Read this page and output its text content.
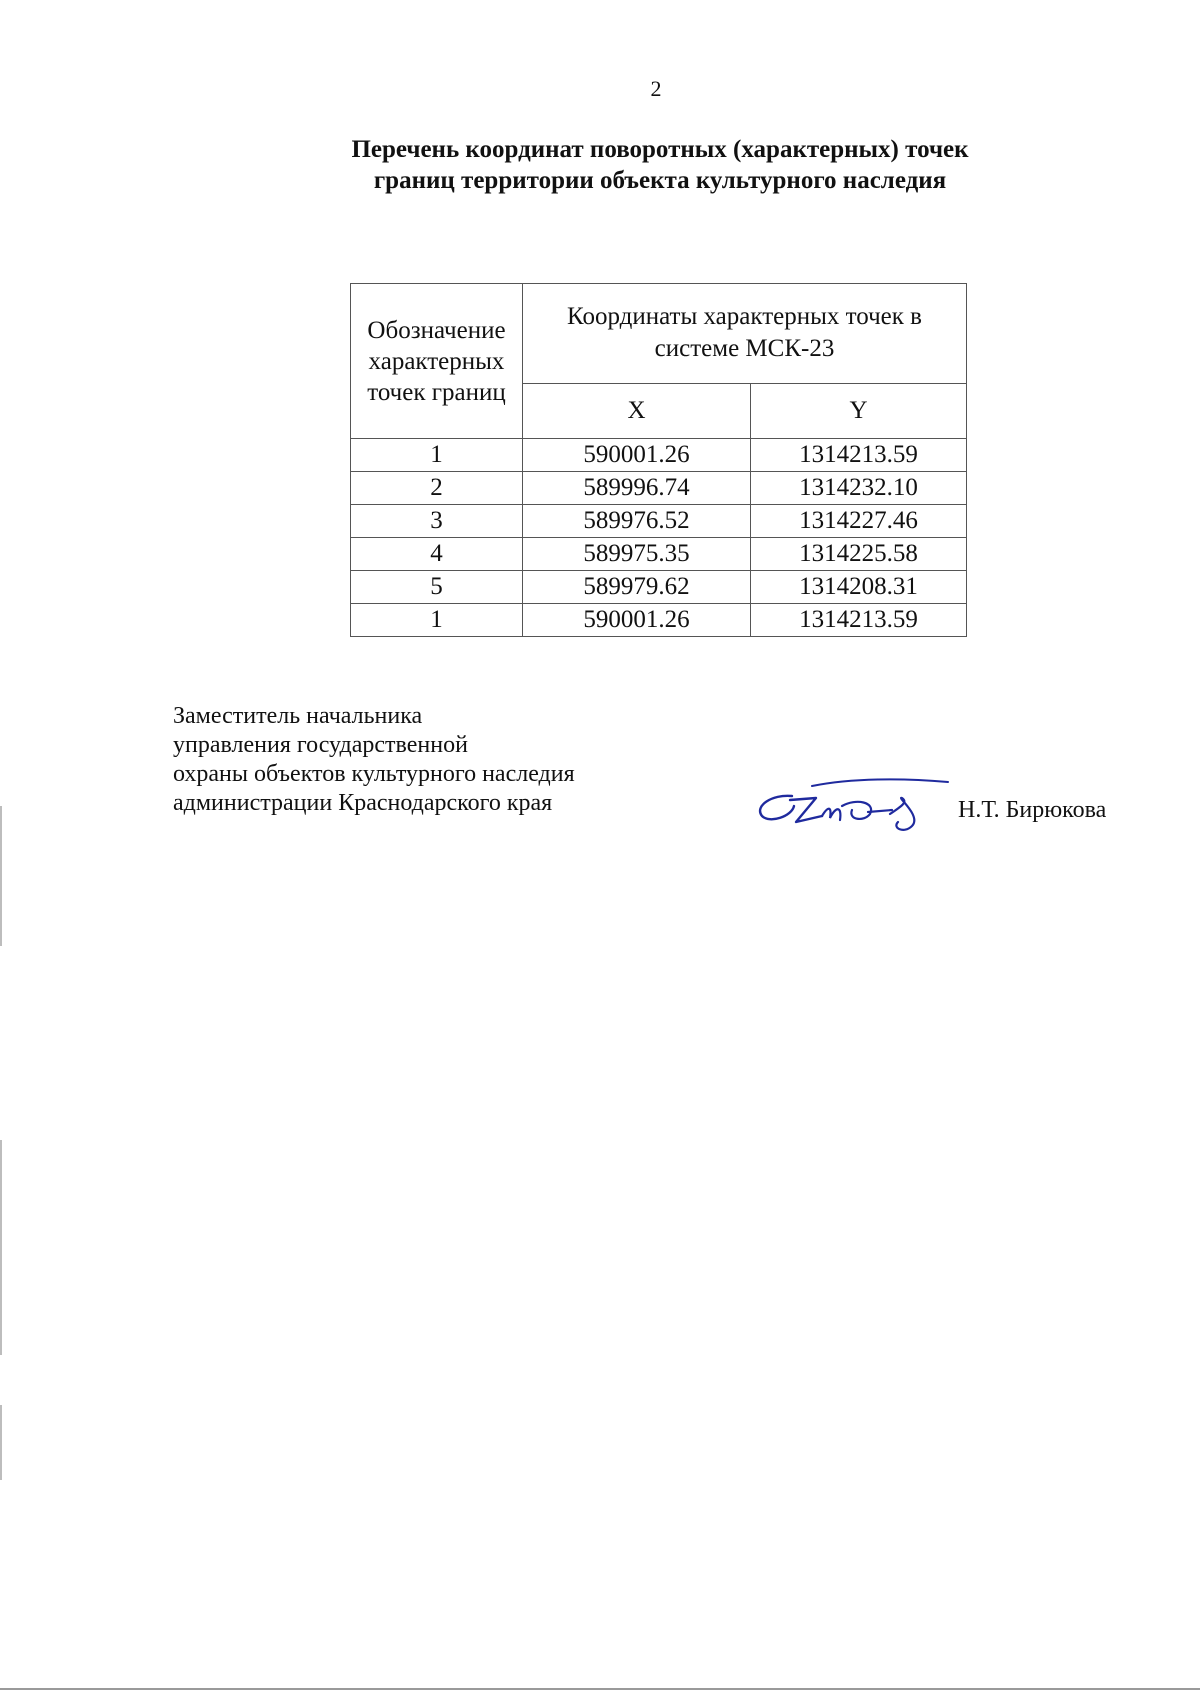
2
Перечень координат поворотных (характерных) точек
границ территории объекта культурного наследия
Обозначение
характерных
точек границ	Координаты характерных точек в
системе МСК-23	

	X	Y
1	590001.26	1314213.59
2	589996.74	1314232.10
3	589976.52	1314227.46
4	589975.35	1314225.58
5	589979.62	1314208.31
1	590001.26	1314213.59
Заместитель начальника
управления государственной
охраны объектов культурного наследия
администрации Краснодарского края	Н.Т. Бирюкова
